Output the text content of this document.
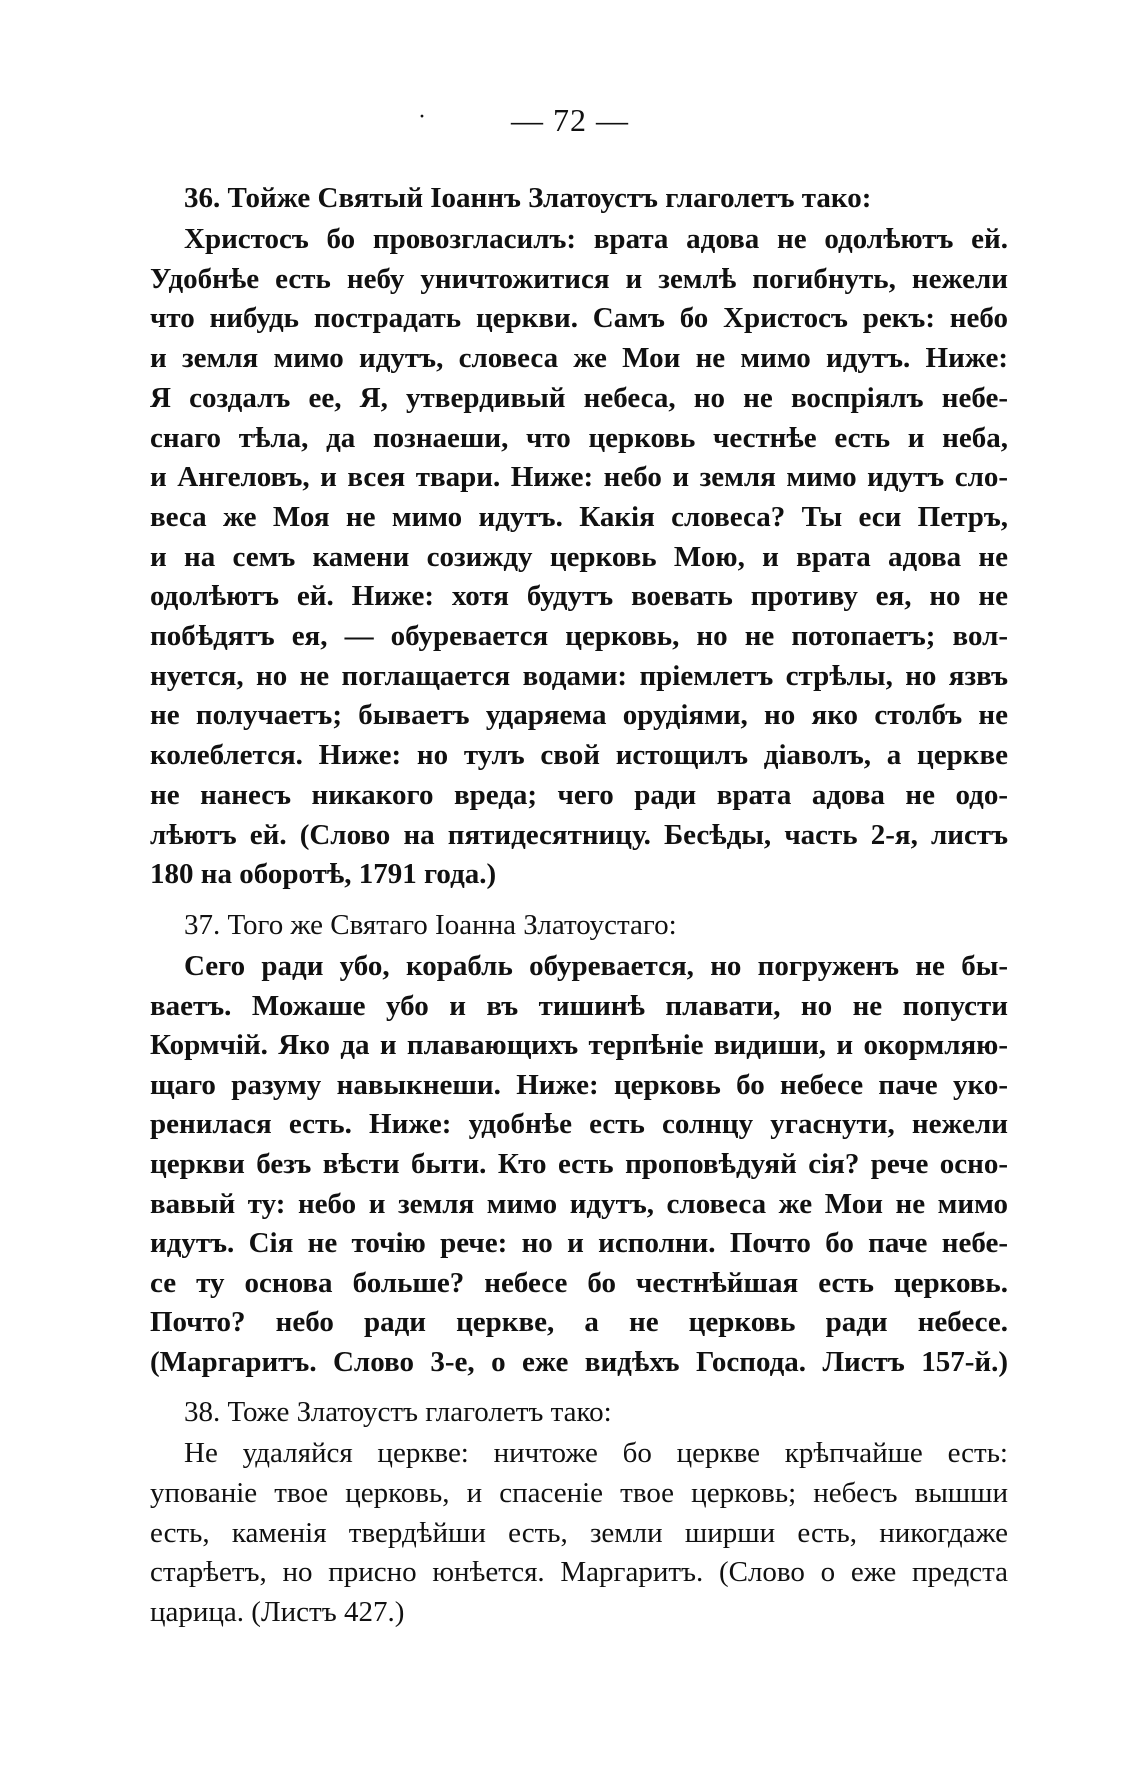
·	— 72 —

36. Тойже Святый Іоаннъ Златоустъ глаголетъ тако:

Христосъ бо провозгласилъ: врата адова не одолѣютъ ей.

Удобнѣе есть небу уничтожитися и землѣ погибнуть, нежели

что нибудь пострадать церкви. Самъ бо Христосъ рекъ: небо

и земля мимо идутъ, словеса же Мои не мимо идутъ. Ниже:

Я создалъ ее, Я, утвердивый небеса, но не воспріялъ небе-

снаго тѣла, да познаеши, что церковь честнѣе есть и неба,

и Ангеловъ, и всея твари. Ниже: небо и земля мимо идутъ сло-

веса же Моя не мимо идутъ. Какія словеса? Ты еси Петръ,

и на семъ камени созижду церковь Мою, и врата адова не

одолѣютъ ей. Ниже: хотя будутъ воевать противу ея, но не

побѣдятъ ея, — обуревается церковь, но не потопаетъ; вол-

нуется, но не поглащается водами: пріемлетъ стрѣлы, но язвъ

не получаетъ; бываетъ ударяема орудіями, но яко столбъ не

колеблется. Ниже: но тулъ свой истощилъ діаволъ, а церкве

не нанесъ никакого вреда; чего ради врата адова не одо-

лѣютъ ей. (Слово на пятидесятницу. Бесѣды, часть 2-я, листъ

180 на оборотѣ, 1791 года.)

37. Того же Святаго Іоанна Златоустаго:

Сего ради убо, корабль обуревается, но погруженъ не бы-

ваетъ. Можаше убо и въ тишинѣ плавати, но не попусти

Кормчій. Яко да и плавающихъ терпѣніе видиши, и окормляю-

щаго разуму навыкнеши. Ниже: церковь бо небесе паче уко-

ренилася есть. Ниже: удобнѣе есть солнцу угаснути, нежели

церкви безъ вѣсти быти. Кто есть проповѣдуяй сія? рече осно-

вавый ту: небо и земля мимо идутъ, словеса же Мои не мимо

идутъ. Сія не точію рече: но и исполни. Почто бо паче небе-

се ту основа больше? небесе бо честнѣйшая есть церковь.

Почто? небо ради церкве, а не церковь ради небесе.

(Маргаритъ. Слово 3-е, о еже видѣхъ Господа. Листъ 157-й.)

38. Тоже Златоустъ глаголетъ тако:

Не удаляйся церкве: ничтоже бо церкве крѣпчайше есть:

упованіе твое церковь, и спасеніе твое церковь; небесъ вышши

есть, каменія твердѣйши есть, земли ширши есть, никогдаже

старѣетъ, но присно юнѣется. Маргаритъ. (Слово о еже предста

царица. (Листъ 427.)
